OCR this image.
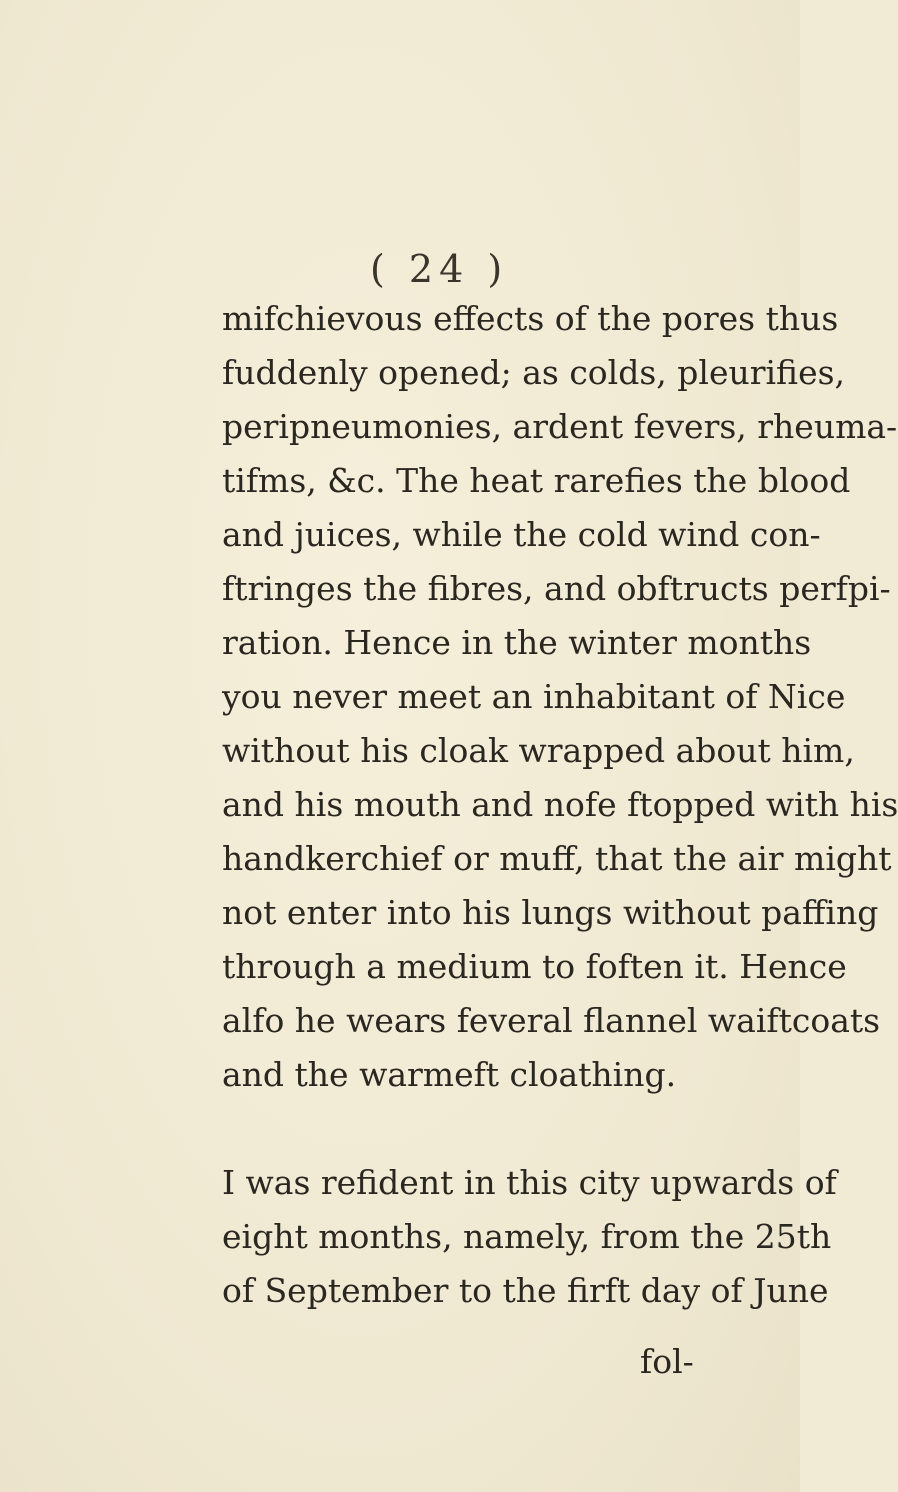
( 24 )
mifchievous effects of the pores thus
fuddenly opened; as colds, pleurifies,
peripneumonies, ardent fevers, rheuma-
tifms, &c. The heat rarefies the blood
and juices, while the cold wind con-
ftringes the fibres, and obftructs perfpi-
ration. Hence in the winter months
you never meet an inhabitant of Nice
without his cloak wrapped about him,
and his mouth and nofe ftopped with his
handkerchief or muff, that the air might
not enter into his lungs without paffing
through a medium to foften it. Hence
alfo he wears feveral flannel waiftcoats
and the warmeft cloathing.
I was refident in this city upwards of
eight months, namely, from the 25th
of September to the firft day of June
fol-
